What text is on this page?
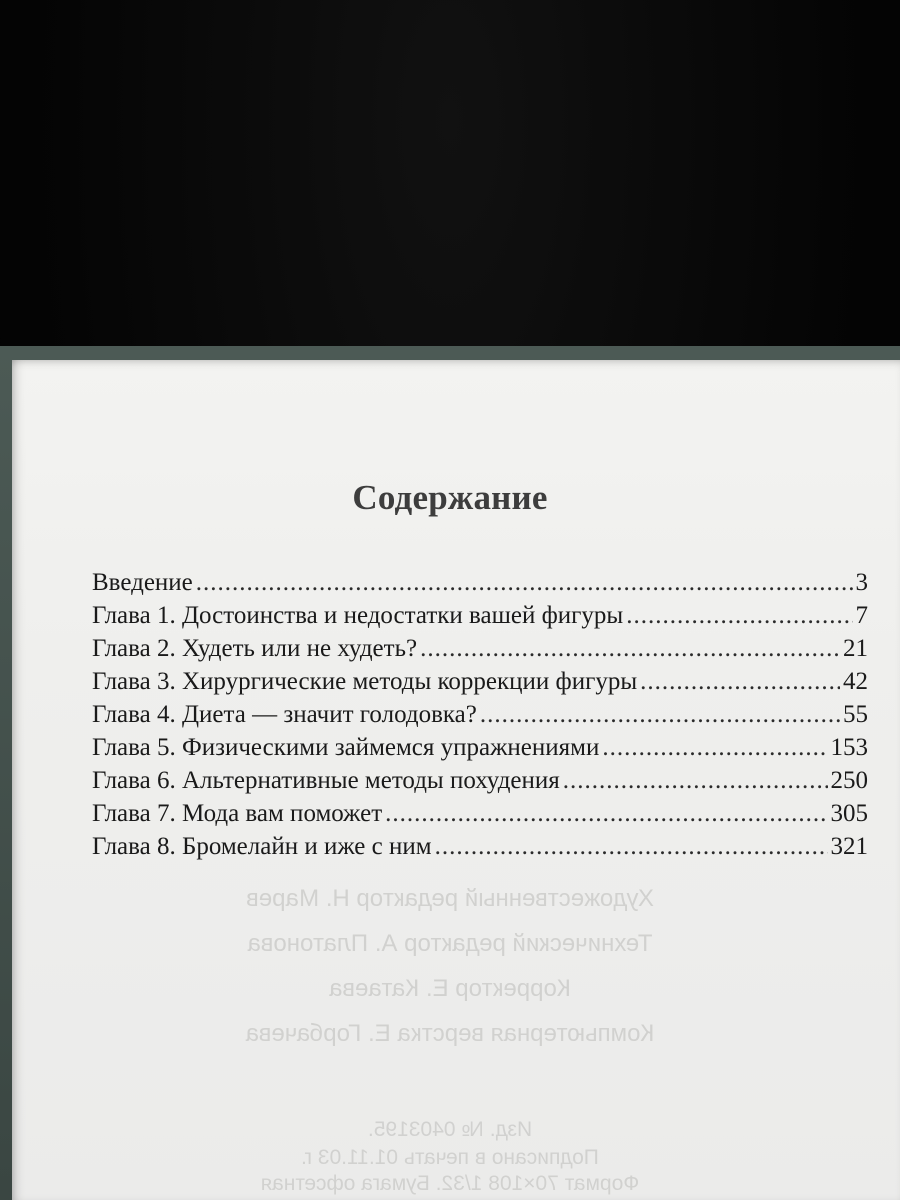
Художественный редактор Н. Марев
Технический редактор А. Платонова
Корректор Е. Катаева
Компьютерная верстка Е. Горбачева
Изд. № 0403195.
Подписано в печать 01.11.03 г.
Формат 70×108 1/32. Бумага офсетная
Содержание
Введение .....	3
Глава 1. Достоинства и недостатки вашей фигуры .....	7
Глава 2. Худеть или не худеть? .....	21
Глава 3. Хирургические методы коррекции фигуры .....	42
Глава 4. Диета — значит голодовка? .....	55
Глава 5. Физическими займемся упражнениями .....	153
Глава 6. Альтернативные методы похудения .....	250
Глава 7. Мода вам поможет .....	305
Глава 8. Бромелайн и иже с ним .....	321
